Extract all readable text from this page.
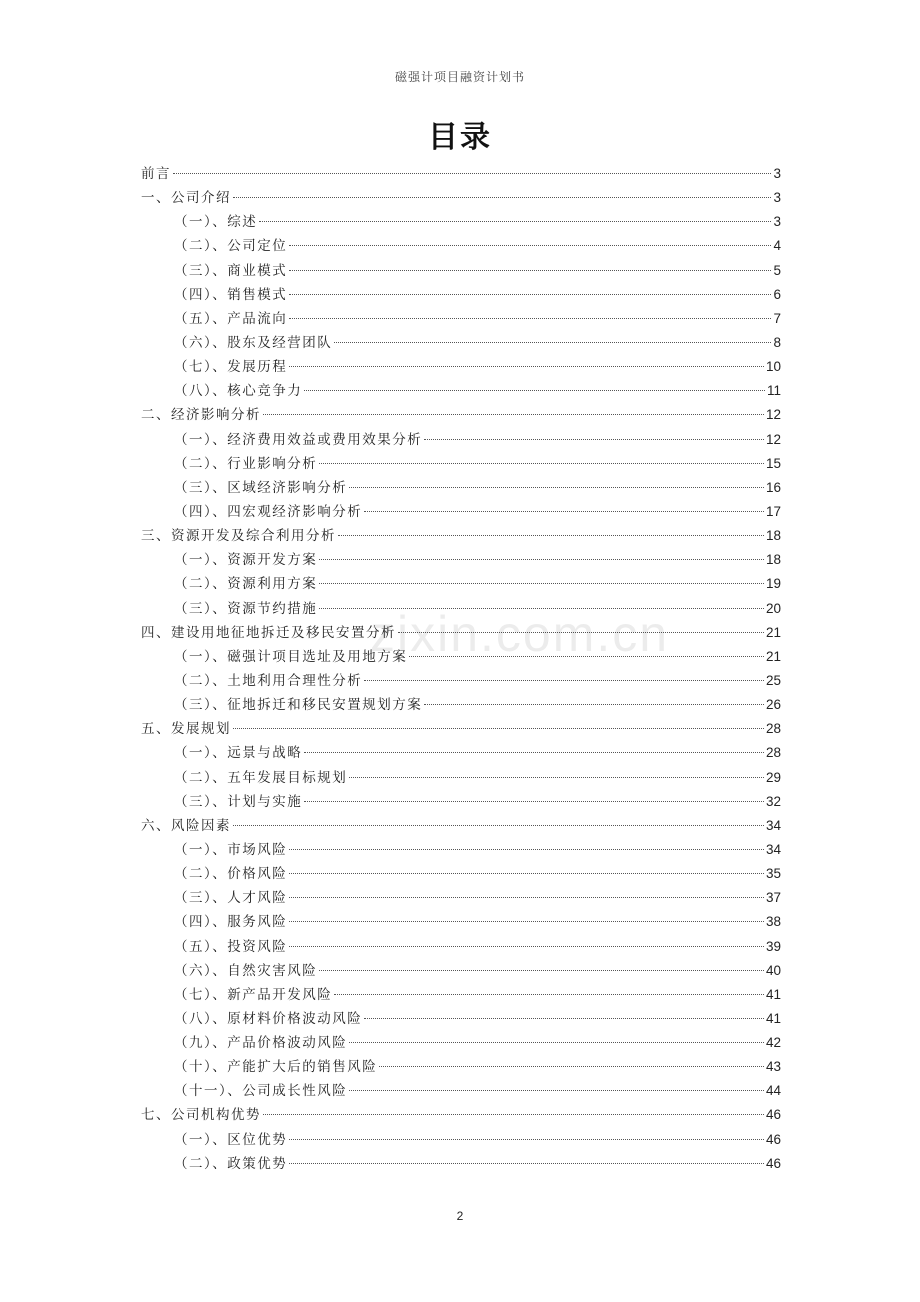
磁强计项目融资计划书
目录
前言	3
一、公司介绍	3
（一）、综述	3
（二）、公司定位	4
（三）、商业模式	5
（四）、销售模式	6
（五）、产品流向	7
（六）、股东及经营团队	8
（七）、发展历程	10
（八）、核心竞争力	11
二、经济影响分析	12
（一）、经济费用效益或费用效果分析	12
（二）、行业影响分析	15
（三）、区域经济影响分析	16
（四）、四宏观经济影响分析	17
三、资源开发及综合利用分析	18
（一）、资源开发方案	18
（二）、资源利用方案	19
（三）、资源节约措施	20
四、建设用地征地拆迁及移民安置分析	21
（一）、磁强计项目选址及用地方案	21
（二）、土地利用合理性分析	25
（三）、征地拆迁和移民安置规划方案	26
五、发展规划	28
（一）、远景与战略	28
（二）、五年发展目标规划	29
（三）、计划与实施	32
六、风险因素	34
（一）、市场风险	34
（二）、价格风险	35
（三）、人才风险	37
（四）、服务风险	38
（五）、投资风险	39
（六）、自然灾害风险	40
（七）、新产品开发风险	41
（八）、原材料价格波动风险	41
（九）、产品价格波动风险	42
（十）、产能扩大后的销售风险	43
（十一）、公司成长性风险	44
七、公司机构优势	46
（一）、区位优势	46
（二）、政策优势	46
zixin.com.cn
2
